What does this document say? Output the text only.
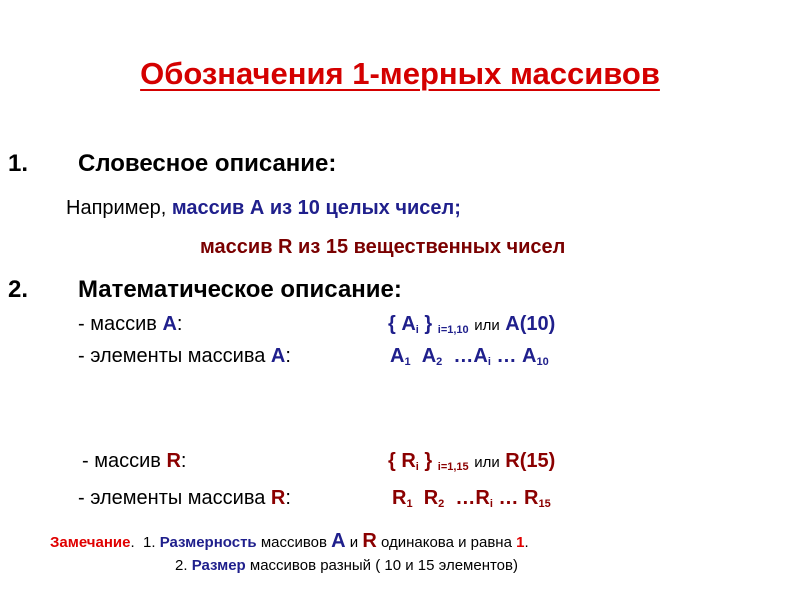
Обозначения 1-мерных массивов
1. Словесное описание:
Например, массив А из 10 целых чисел;
массив R из 15 вещественных чисел
2. Математическое описание:
- массив А:	{ $А_i$ } $_{i=1,10}$ или А(10)
- элементы массива А:	$А_1$ $А_2$ $\dots А_i$ … $А_{10}$
- массив R:	{ $R_i$ } $_{i=1,15}$ или R(15)
- элементы массива R:	$R_1$ $R_2$ $\dots R_i$ … $R_{15}$
Замечание. 1. Размерность массивов А и R одинакова и равна 1.
2. Размер массивов разный ( 10 и 15 элементов)
